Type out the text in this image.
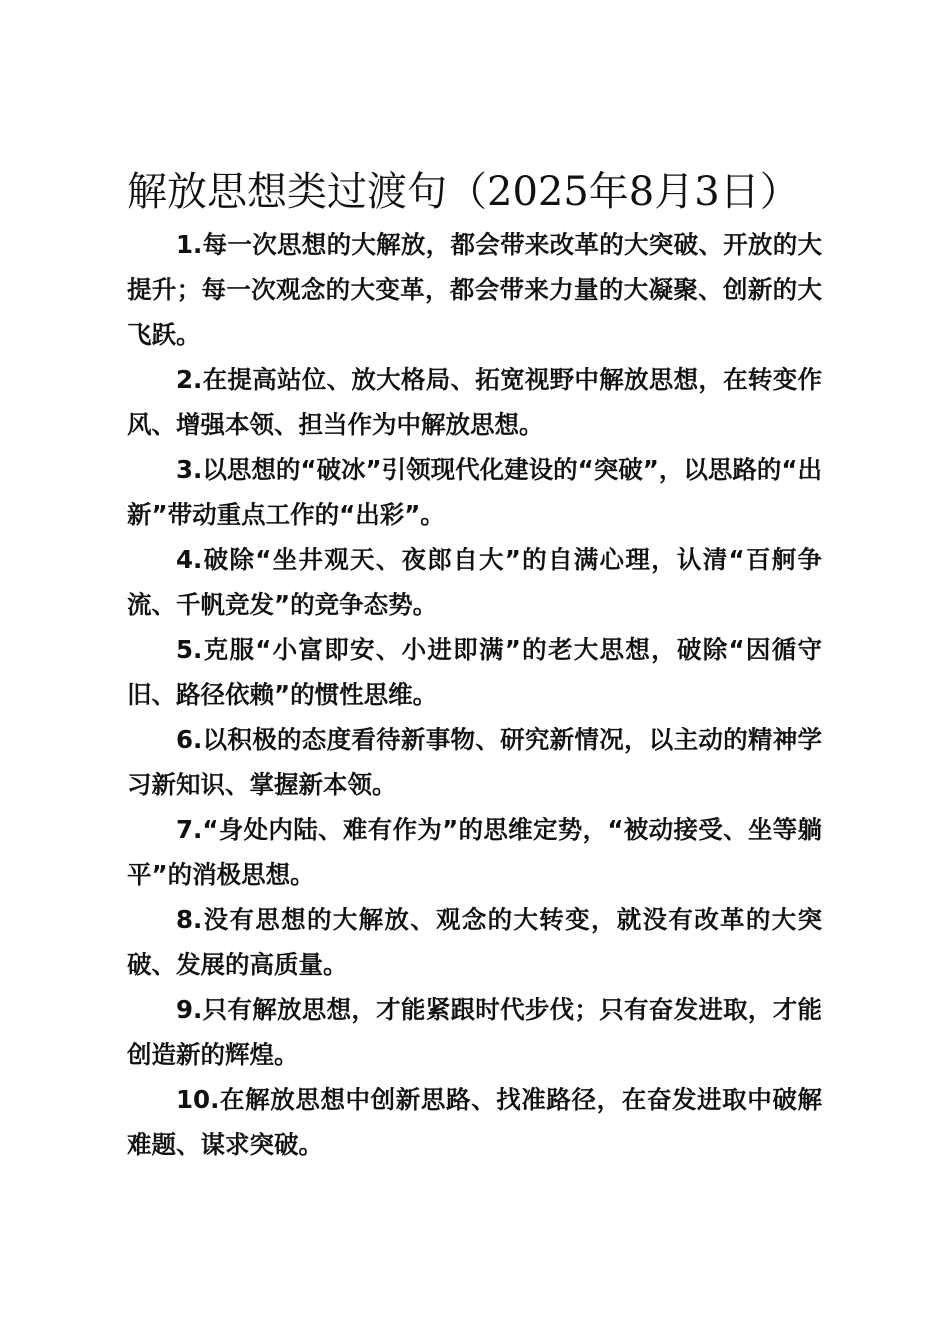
解放思想类过渡句（2025年8月3日）

1.每一次思想的大解放，都会带来改革的大突破、开放的大提升；每一次观念的大变革，都会带来力量的大凝聚、创新的大飞跃。

2.在提高站位、放大格局、拓宽视野中解放思想，在转变作风、增强本领、担当作为中解放思想。

3.以思想的“破冰”引领现代化建设的“突破”，以思路的“出新”带动重点工作的“出彩”。

4.破除“坐井观天、夜郎自大”的自满心理，认清“百舸争流、千帆竞发”的竞争态势。

5.克服“小富即安、小进即满”的老大思想，破除“因循守旧、路径依赖”的惯性思维。

6.以积极的态度看待新事物、研究新情况，以主动的精神学习新知识、掌握新本领。

7.“身处内陆、难有作为”的思维定势，“被动接受、坐等躺平”的消极思想。

8.没有思想的大解放、观念的大转变，就没有改革的大突破、发展的高质量。

9.只有解放思想，才能紧跟时代步伐；只有奋发进取，才能创造新的辉煌。

10.在解放思想中创新思路、找准路径，在奋发进取中破解难题、谋求突破。
